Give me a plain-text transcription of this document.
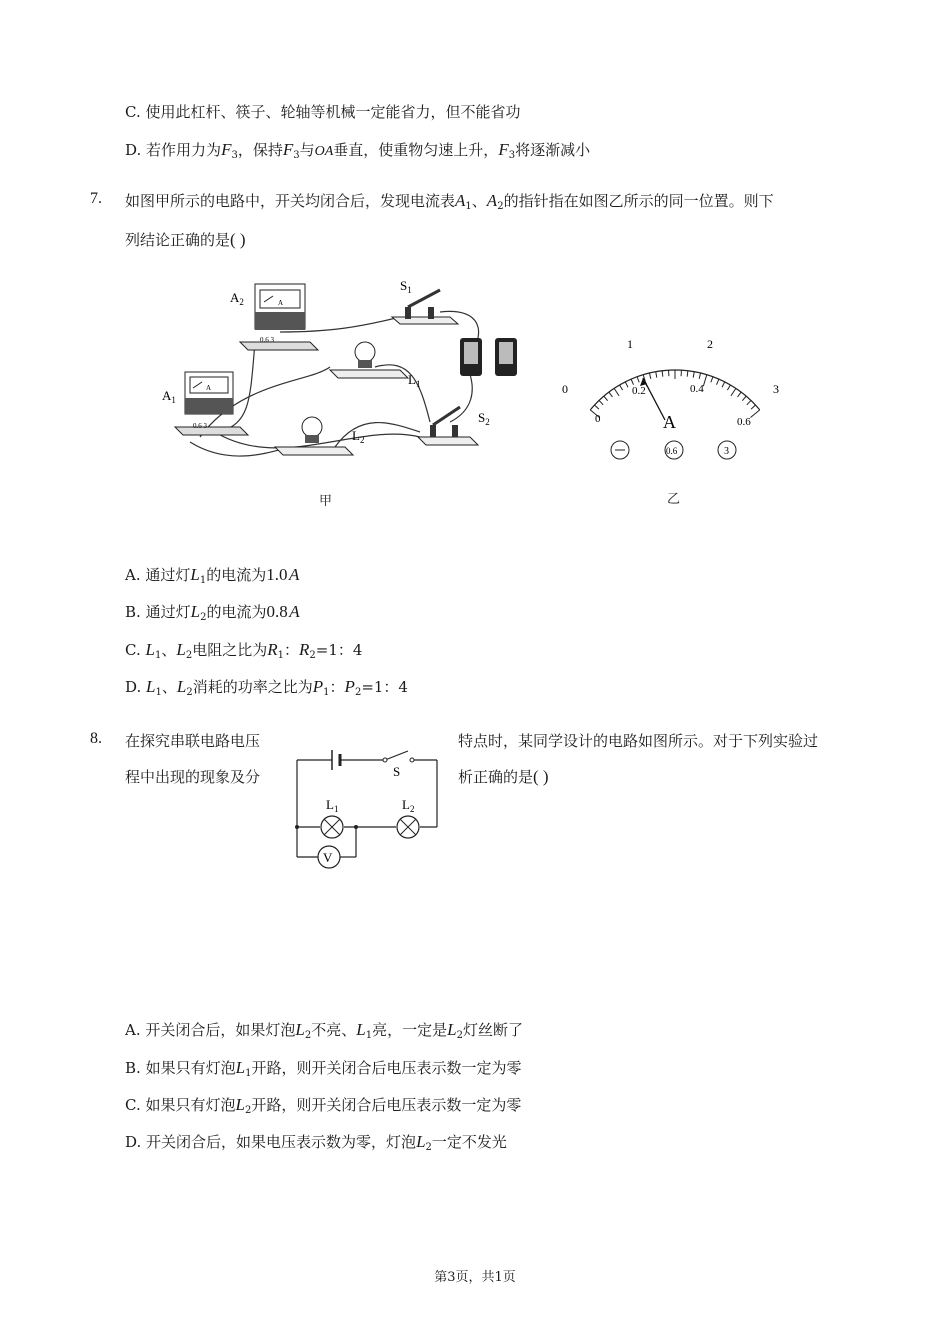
C. 使用此杠杆、筷子、轮轴等机械一定能省力，但不能省功
D. 若作用力为$F_3$，保持$F_3$与OA垂直，使重物匀速上升，$F_3$将逐渐减小
7. 如图甲所示的电路中，开关均闭合后，发现电流表$A_1$、$A_2$的指针指在如图乙所示的同一位置。则下
列结论正确的是( )
A
0.6 3
$A_2$
A
0.6 3
$A_1$
$S_1$
$L_1$
$L_2$
$S_2$
甲
0
1	2
3
0
0.2	0.4
0.6
A
0.6	3
乙
A. 通过灯$L_1$的电流为1.0 A
B. 通过灯$L_2$的电流为0.8 A
C. $L_1$、$L_2$电阻之比为$R_1$：$R_2=1$：4
D. $L_1$、$L_2$消耗的功率之比为$P_1$：$P_2=1$：4
8. 在探究串联电路电压	特点时，某同学设计的电路如图所示。对于下列实验过
程中出现的现象及分	析正确的是( )
S
$L_1$	$L_2$
V
A. 开关闭合后，如果灯泡$L_2$不亮、$L_1$亮，一定是$L_2$灯丝断了
B. 如果只有灯泡$L_1$开路，则开关闭合后电压表示数一定为零
C. 如果只有灯泡$L_2$开路，则开关闭合后电压表示数一定为零
D. 开关闭合后，如果电压表示数为零，灯泡$L_2$一定不发光
第3页，共1页
